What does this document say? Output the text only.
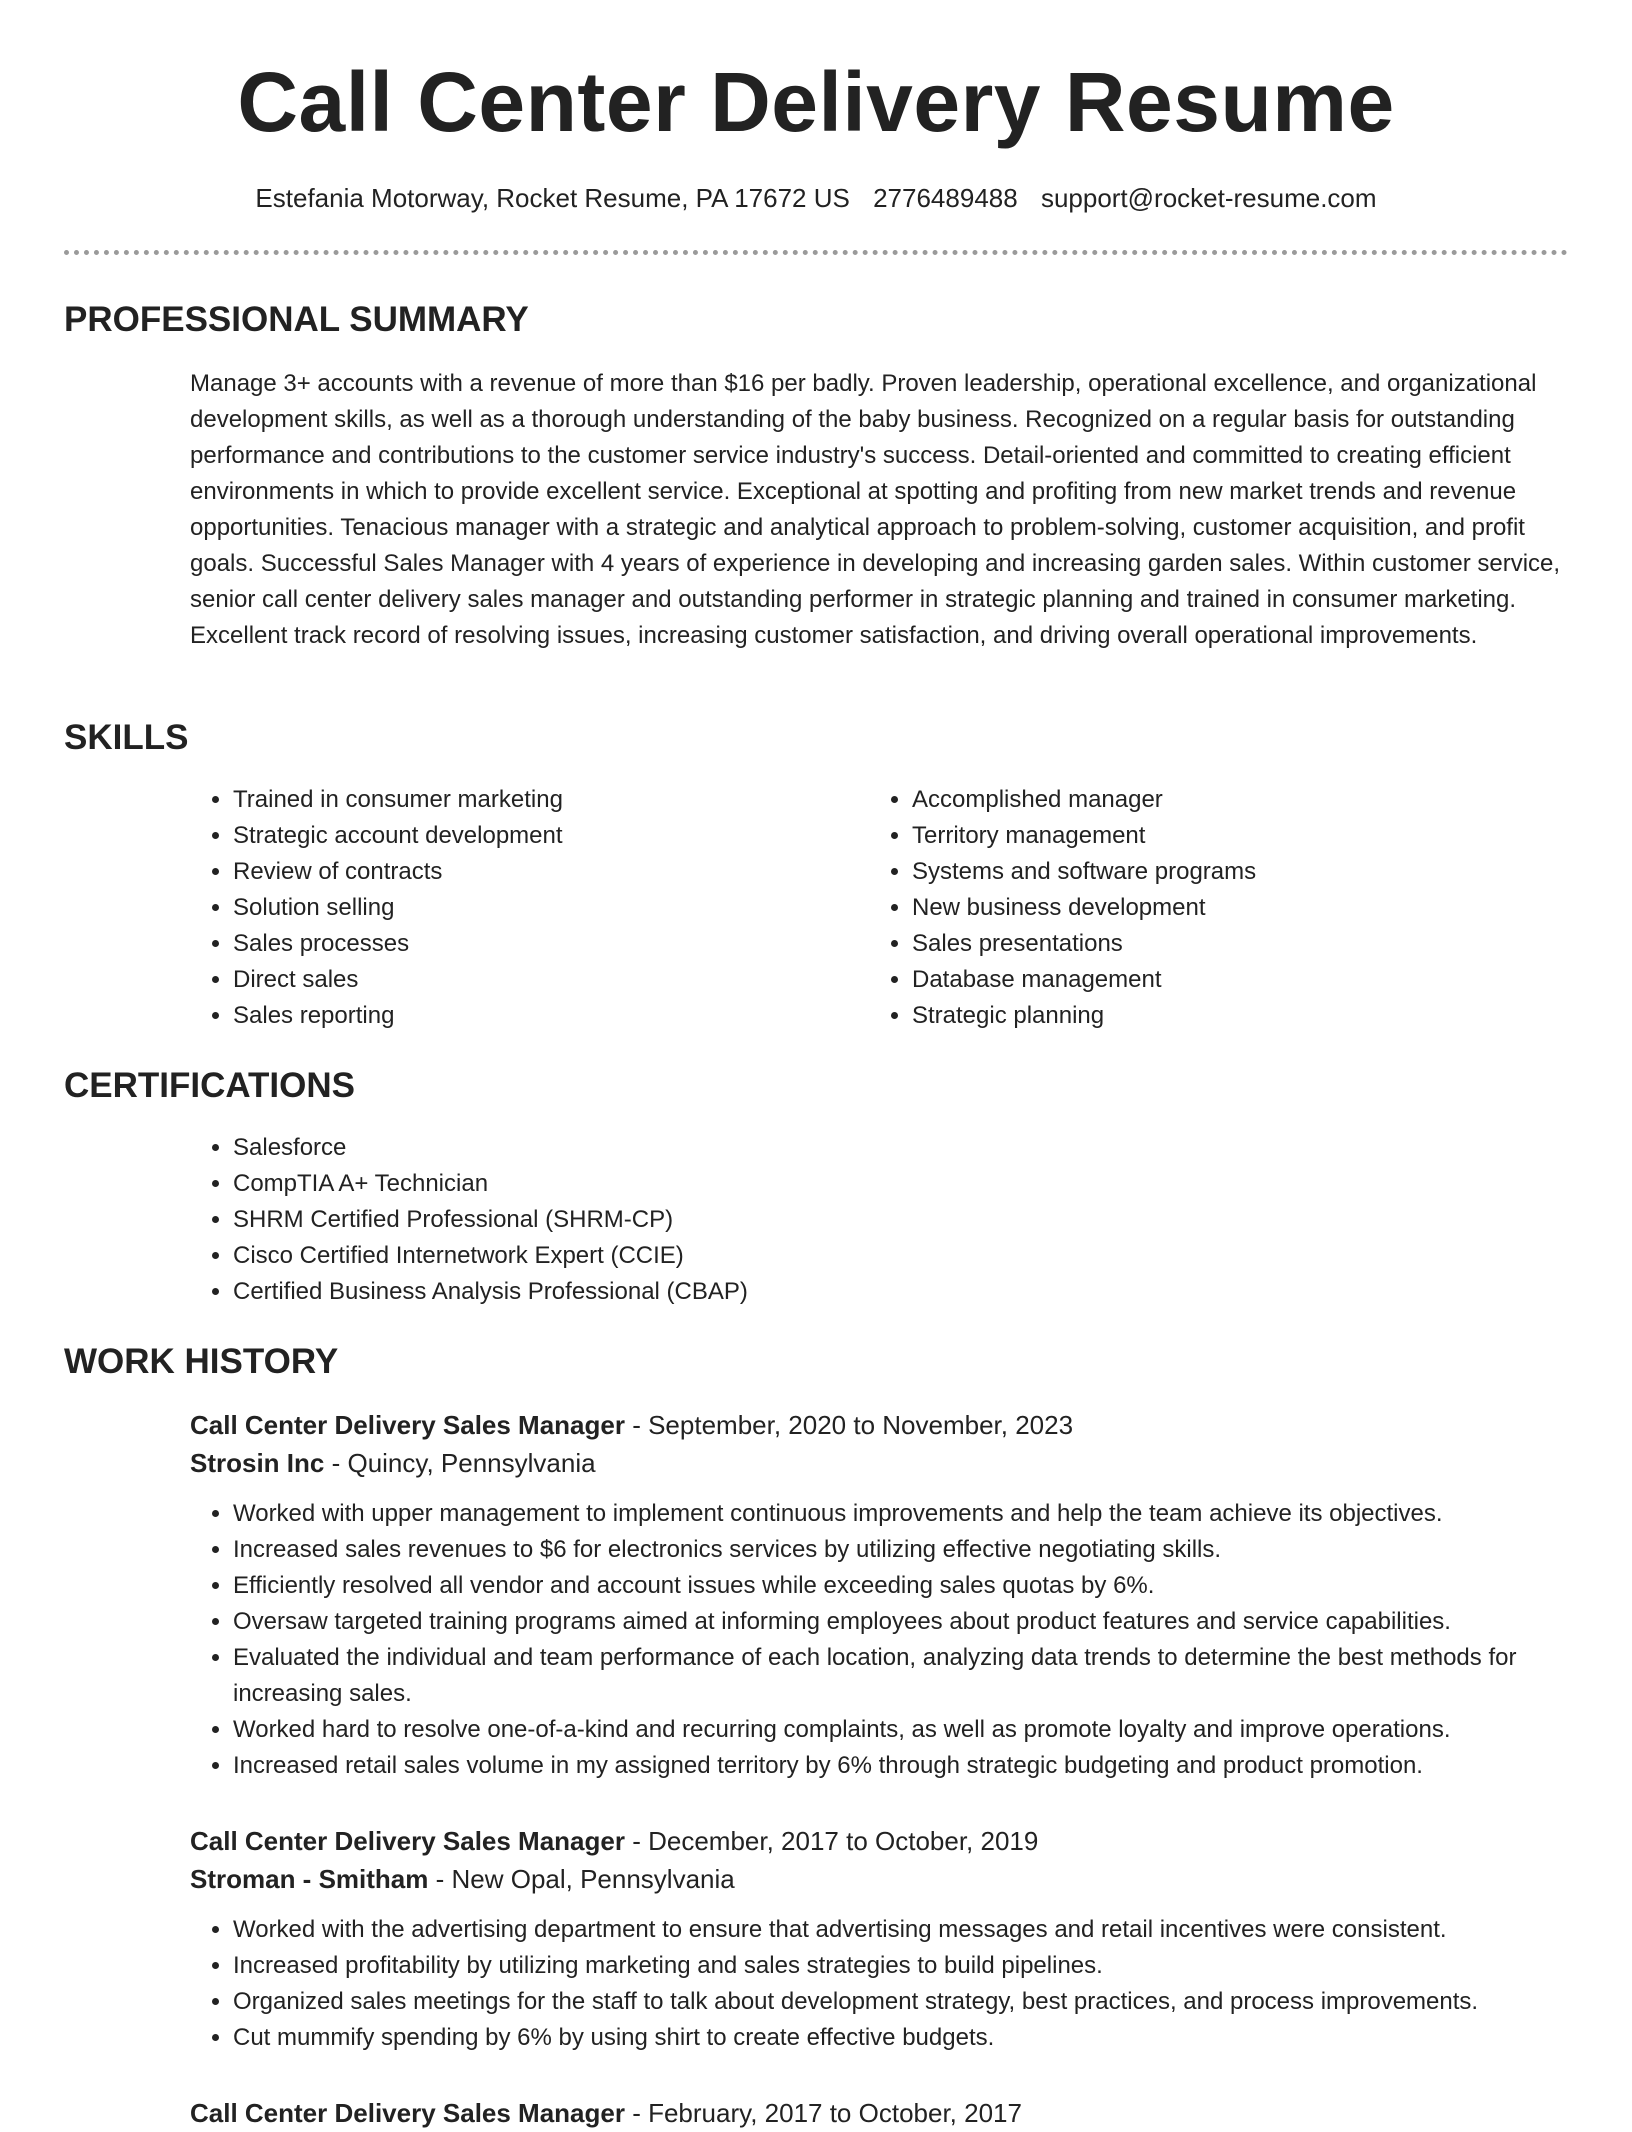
Call Center Delivery Resume
Estefania Motorway, Rocket Resume, PA 17672 US 2776489488 support@rocket-resume.com
PROFESSIONAL SUMMARY

Manage 3+ accounts with a revenue of more than $16 per badly. Proven leadership, operational excellence, and organizational development skills, as well as a thorough understanding of the baby business. Recognized on a regular basis for outstanding performance and contributions to the customer service industry's success. Detail-oriented and committed to creating efficient environments in which to provide excellent service. Exceptional at spotting and profiting from new market trends and revenue opportunities. Tenacious manager with a strategic and analytical approach to problem-solving, customer acquisition, and profit goals. Successful Sales Manager with 4 years of experience in developing and increasing garden sales. Within customer service, senior call center delivery sales manager and outstanding performer in strategic planning and trained in consumer marketing. Excellent track record of resolving issues, increasing customer satisfaction, and driving overall operational improvements.

SKILLS
• Trained in consumer marketing
• Strategic account development
• Review of contracts
• Solution selling
• Sales processes
• Direct sales
• Sales reporting
• Accomplished manager
• Territory management
• Systems and software programs
• New business development
• Sales presentations
• Database management
• Strategic planning
CERTIFICATIONS
• Salesforce
• CompTIA A+ Technician
• SHRM Certified Professional (SHRM-CP)
• Cisco Certified Internetwork Expert (CCIE)
• Certified Business Analysis Professional (CBAP)
WORK HISTORY
Call Center Delivery Sales Manager - September, 2020 to November, 2023
Strosin Inc - Quincy, Pennsylvania
• Worked with upper management to implement continuous improvements and help the team achieve its objectives.
• Increased sales revenues to $6 for electronics services by utilizing effective negotiating skills.
• Efficiently resolved all vendor and account issues while exceeding sales quotas by 6%.
• Oversaw targeted training programs aimed at informing employees about product features and service capabilities.
• Evaluated the individual and team performance of each location, analyzing data trends to determine the best methods for increasing sales.
• Worked hard to resolve one-of-a-kind and recurring complaints, as well as promote loyalty and improve operations.
• Increased retail sales volume in my assigned territory by 6% through strategic budgeting and product promotion.
Call Center Delivery Sales Manager - December, 2017 to October, 2019
Stroman - Smitham - New Opal, Pennsylvania
• Worked with the advertising department to ensure that advertising messages and retail incentives were consistent.
• Increased profitability by utilizing marketing and sales strategies to build pipelines.
• Organized sales meetings for the staff to talk about development strategy, best practices, and process improvements.
• Cut mummify spending by 6% by using shirt to create effective budgets.
Call Center Delivery Sales Manager - February, 2017 to October, 2017
